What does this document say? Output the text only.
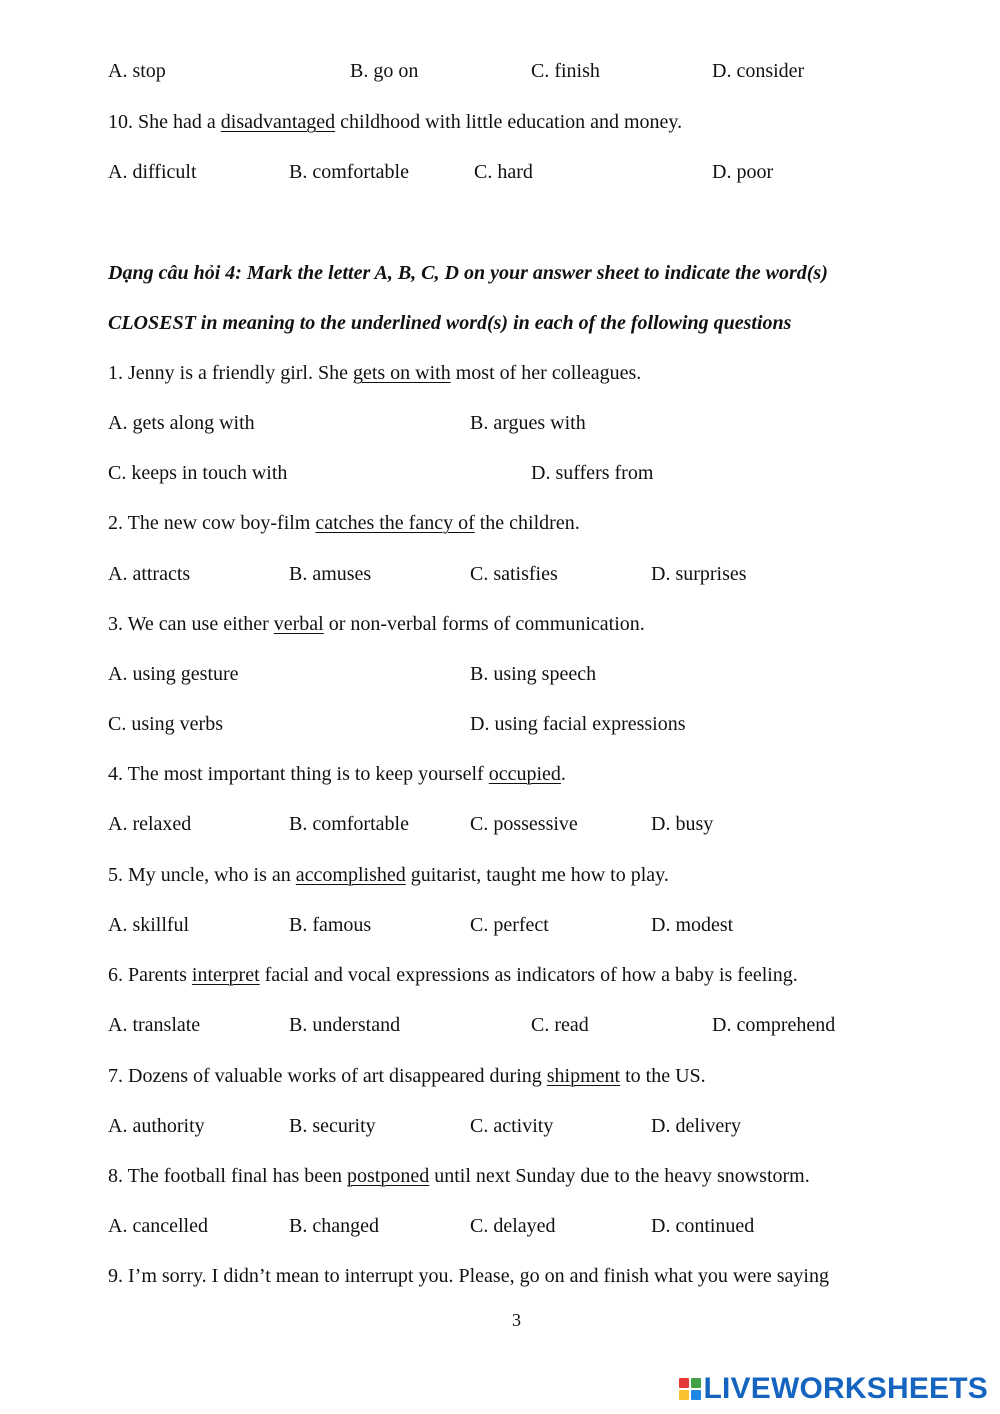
A. stop	B. go on	C. finish	D. consider
10. She had a disadvantaged childhood with little education and money.
A. difficult	B. comfortable	C. hard	D. poor
Dạng câu hỏi 4: Mark the letter A, B, C, D on your answer sheet to indicate the word(s)
CLOSEST in meaning to the underlined word(s) in each of the following questions
1. Jenny is a friendly girl. She gets on with most of her colleagues.
A. gets along with	B. argues with
C. keeps in touch with	D. suffers from
2. The new cow boy-film catches the fancy of the children.
A. attracts	B. amuses	C. satisfies	D. surprises
3. We can use either verbal or non-verbal forms of communication.
A. using gesture	B. using speech
C. using verbs	D. using facial expressions
4. The most important thing is to keep yourself occupied.
A. relaxed	B. comfortable	C. possessive	D. busy
5. My uncle, who is an accomplished guitarist, taught me how to play.
A. skillful	B. famous	C. perfect	D. modest
6. Parents interpret facial and vocal expressions as indicators of how a baby is feeling.
A. translate	B. understand	C. read	D. comprehend
7. Dozens of valuable works of art disappeared during shipment to the US.
A. authority	B. security	C. activity	D. delivery
8. The football final has been postponed until next Sunday due to the heavy snowstorm.
A. cancelled	B. changed	C. delayed	D. continued
9. I’m sorry. I didn’t mean to interrupt you. Please, go on and finish what you were saying
3
LIVEWORKSHEETS
